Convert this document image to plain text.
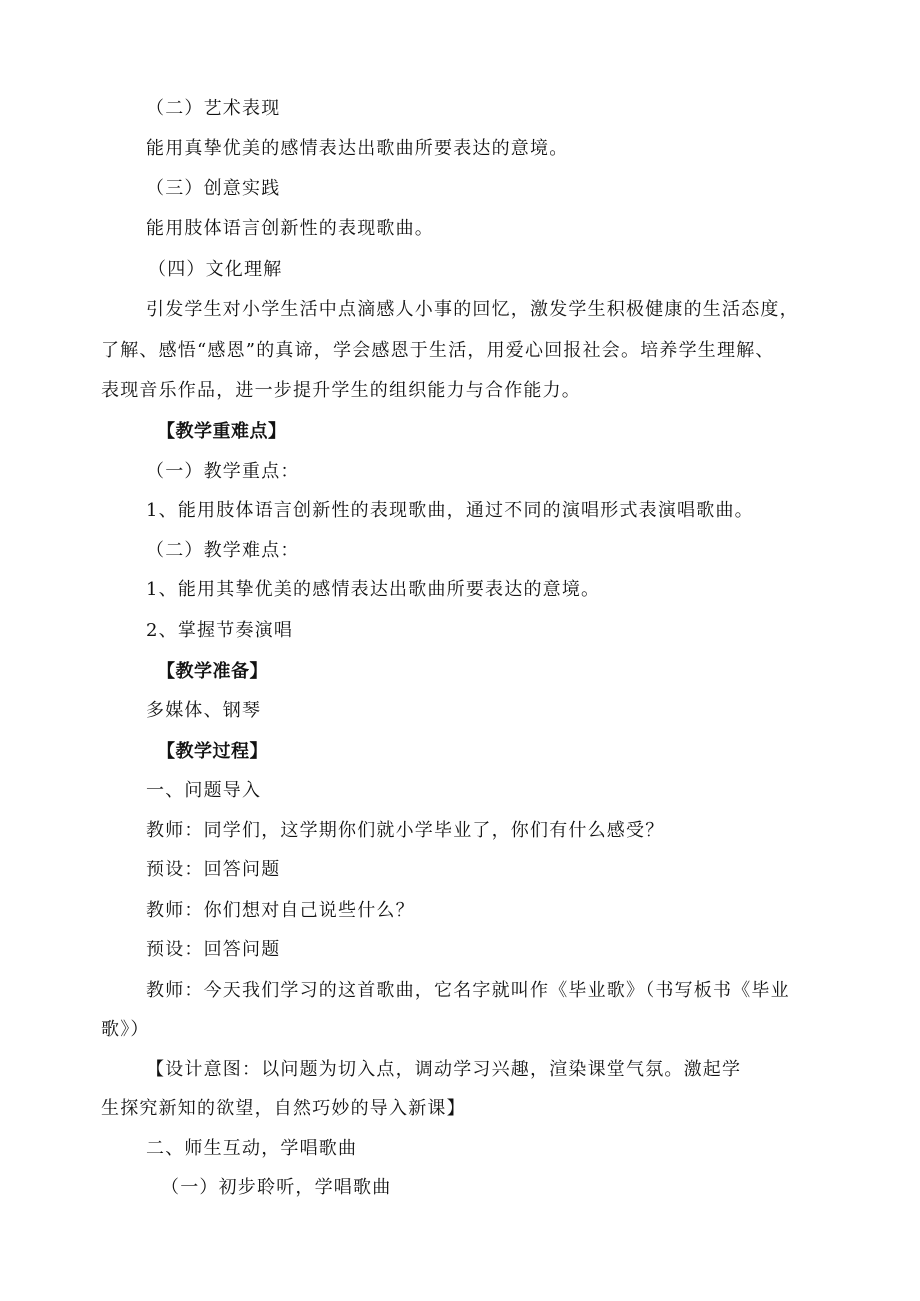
（二）艺术表现
能用真挚优美的感情表达出歌曲所要表达的意境。
（三）创意实践
能用肢体语言创新性的表现歌曲。
（四）文化理解
引发学生对小学生活中点滴感人小事的回忆，激发学生积极健康的生活态度，
了解、感悟“感恩”的真谛，学会感恩于生活，用爱心回报社会。培养学生理解、
表现音乐作品，进一步提升学生的组织能力与合作能力。
【教学重难点】
（一）教学重点：
1、能用肢体语言创新性的表现歌曲，通过不同的演唱形式表演唱歌曲。
（二）教学难点：
1、能用其挚优美的感情表达出歌曲所要表达的意境。
2、掌握节奏演唱
【教学准备】
多媒体、钢琴
【教学过程】
一、问题导入
教师：同学们，这学期你们就小学毕业了，你们有什么感受？
预设：回答问题
教师：你们想对自己说些什么？
预设：回答问题
教师：今天我们学习的这首歌曲，它名字就叫作《毕业歌》（书写板书《毕业
歌》）
【设计意图：以问题为切入点，调动学习兴趣，渲染课堂气氛。激起学
生探究新知的欲望，自然巧妙的导入新课】
二、师生互动，学唱歌曲
（一）初步聆听，学唱歌曲
